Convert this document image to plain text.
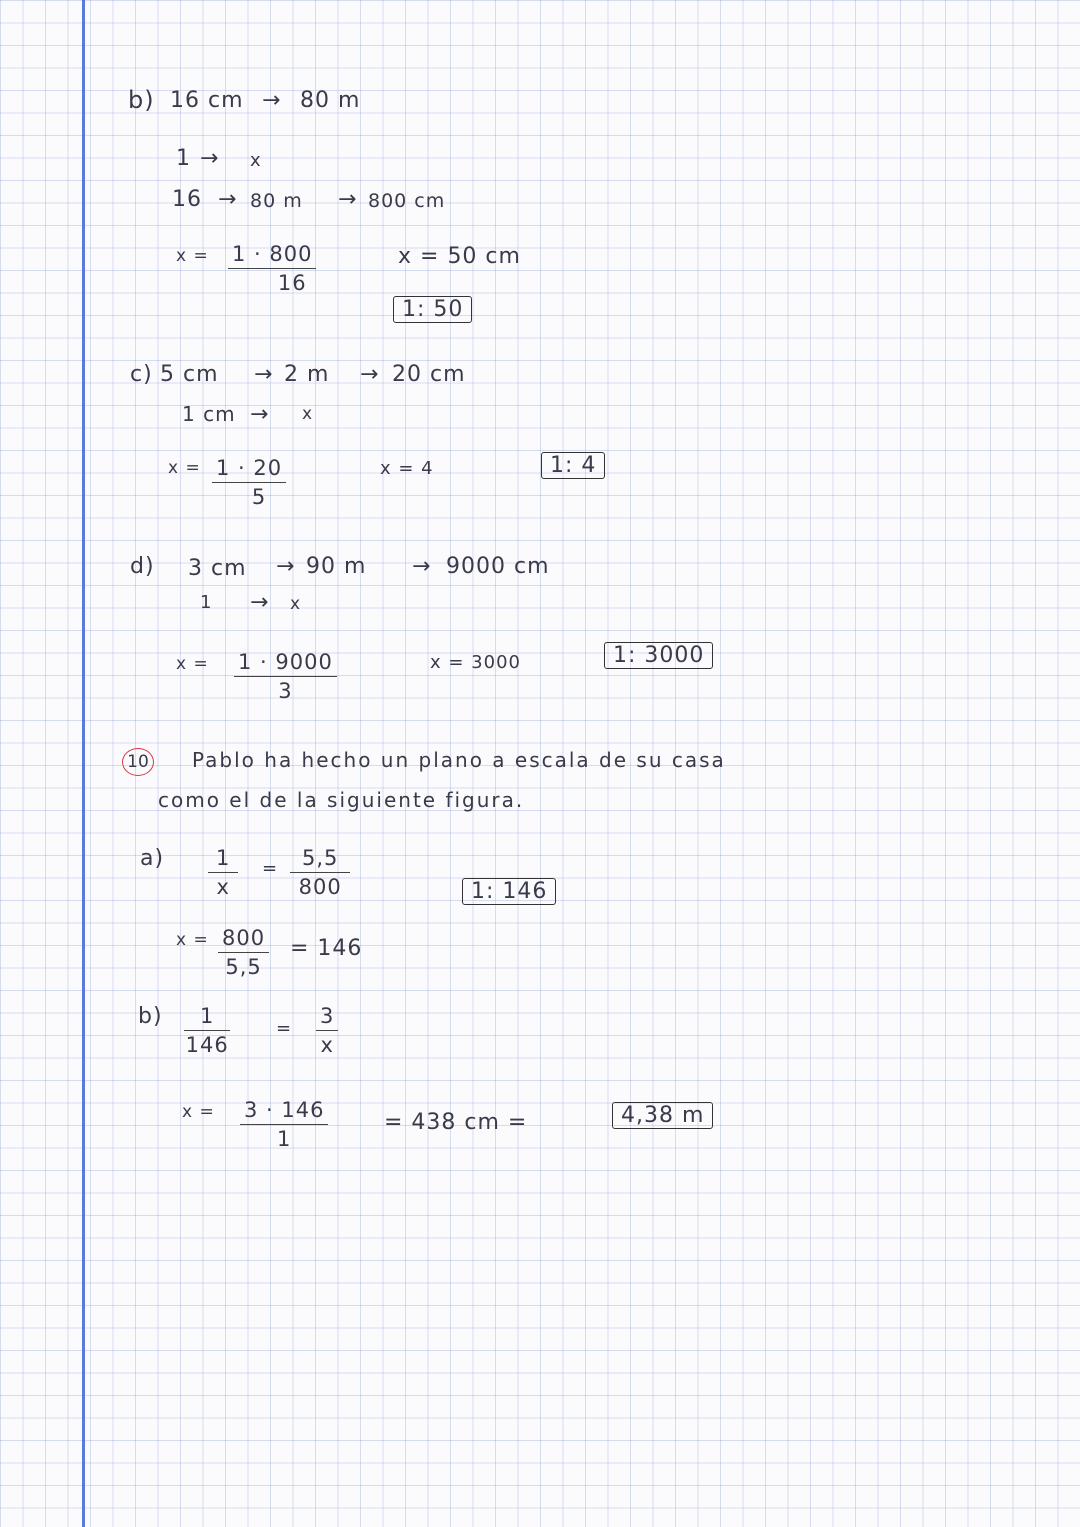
b) 16 cm → 80 m
1 → x
16 → 80 m → 800 cm
$x = \frac{1 \cdot 800}{16}$	x = 50 cm
1: 50
c) 5 cm → 2 m → 20 cm
1 cm → x
$x = \frac{1 \cdot 20}{5}$	x = 4	1: 4
d) 3 cm → 90 m → 9000 cm
1 → x
$x = \frac{1 \cdot 9000}{3}$	x = 3000	1: 3000
10 Pablo ha hecho un plano a escala de su casa
como el de la siguiente figura.
$a) \frac{1}{x} = \frac{5,5}{800}$	1: 146
$x = \frac{800}{5,5} = 146$
$b) \frac{1}{146}$	= $\frac{3}{x}$
$x = \frac{3 \cdot 146}{1}$	= 438 cm =	4,38 m
